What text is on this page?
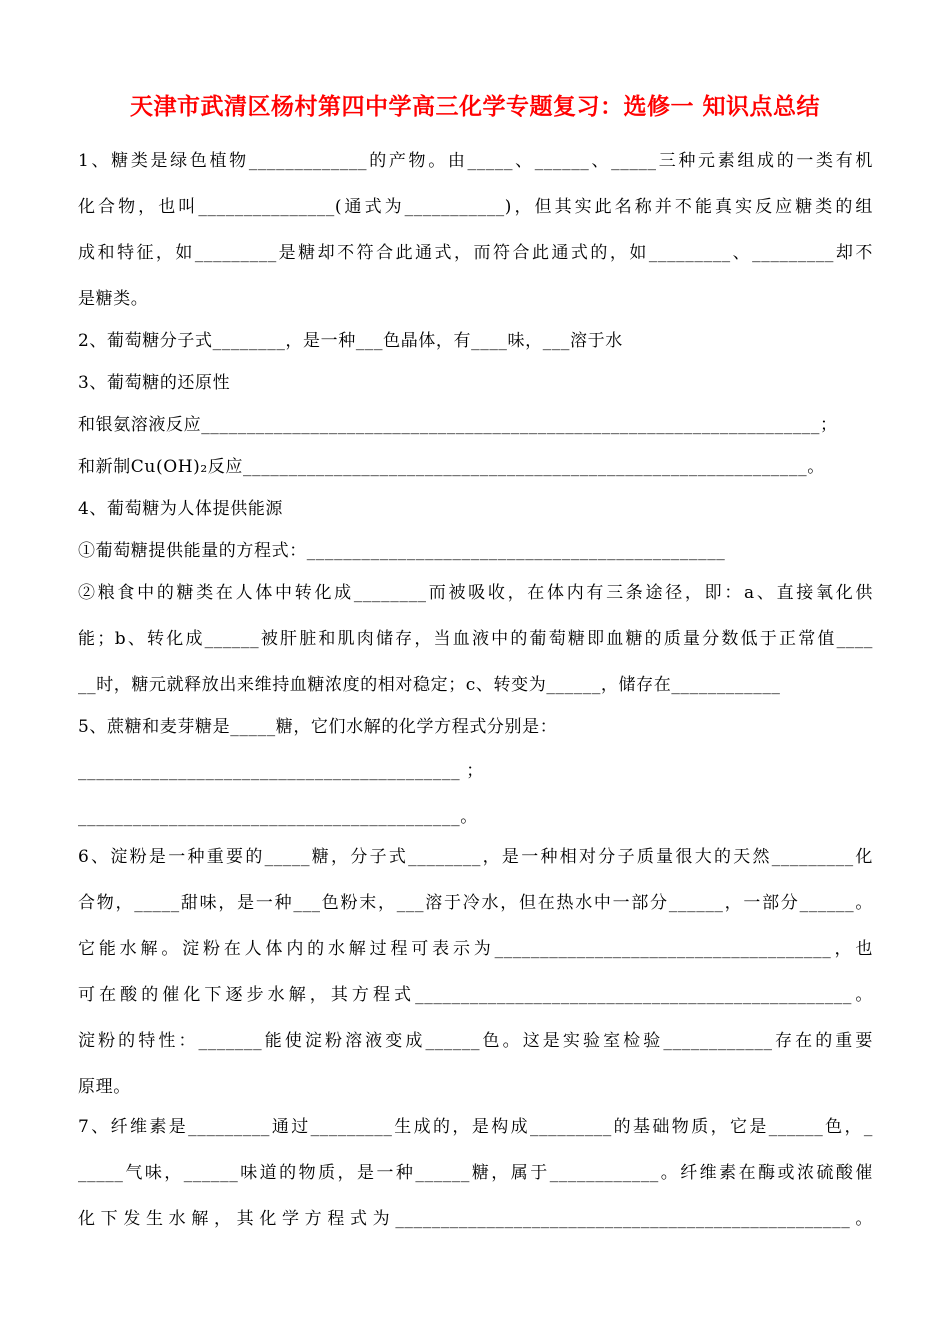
天津市武清区杨村第四中学高三化学专题复习：选修一 知识点总结
1、糖类是绿色植物_____________的产物。由_____、______、_____三种元素组成的一类有机
化合物，也叫_______________(通式为___________)，但其实此名称并不能真实反应糖类的组
成和特征，如_________是糖却不符合此通式，而符合此通式的，如_________、_________却不
是糖类。
2、葡萄糖分子式________，是一种___色晶体，有____味，___溶于水
3、葡萄糖的还原性
和银氨溶液反应____________________________________________________________________；
和新制Cu(OH)₂反应______________________________________________________________。
4、葡萄糖为人体提供能源
①葡萄糖提供能量的方程式：______________________________________________
②粮食中的糖类在人体中转化成________而被吸收，在体内有三条途径，即：a、直接氧化供
能；b、转化成______被肝脏和肌肉储存，当血液中的葡萄糖即血糖的质量分数低于正常值____
__时，糖元就释放出来维持血糖浓度的相对稳定；c、转变为______，储存在____________
5、蔗糖和麦芽糖是_____糖，它们水解的化学方程式分别是：
__________________________________________ ；
__________________________________________。
6、淀粉是一种重要的_____糖，分子式________，是一种相对分子质量很大的天然_________化
合物，_____甜味，是一种___色粉末，___溶于冷水，但在热水中一部分______，一部分______。
它能水解。淀粉在人体内的水解过程可表示为_____________________________________，也
可在酸的催化下逐步水解，其方程式________________________________________________。
淀粉的特性：_______能使淀粉溶液变成______色。这是实验室检验____________存在的重要
原理。
7、纤维素是_________通过_________生成的，是构成_________的基础物质，它是______色，_
_____气味，______味道的物质，是一种______糖，属于____________。纤维素在酶或浓硫酸催
化下发生水解，其化学方程式为__________________________________________________。
